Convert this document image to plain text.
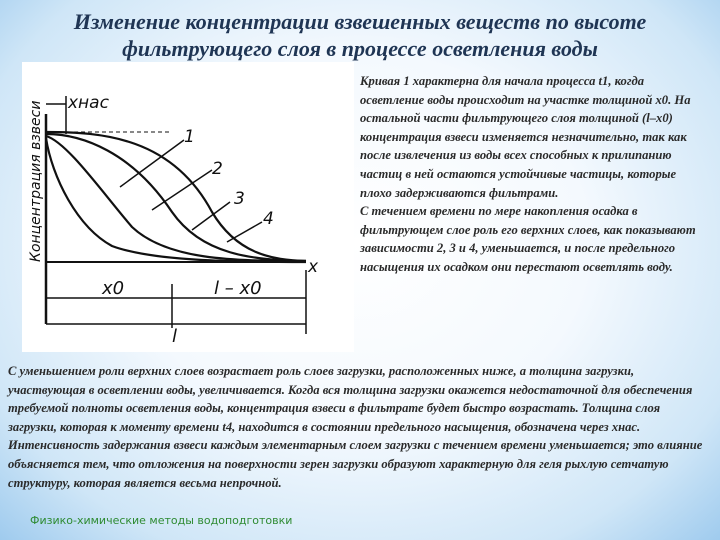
Изменение концентрации взвешенных веществ по высоте
фильтрующего слоя в процессе осветления воды
xнас
1
2
3
4
Концентрация взвеси
x
x0	l – x0
l

Кривая 1 характерна для начала процесса t1, когда осветление воды происходит на участке толщиной x0. На остальной части фильтрующего слоя толщиной (l–x0) концентрация взвеси изменяется незначительно, так как после извлечения из воды всех способных к прилипанию частиц в ней остаются устойчивые частицы, которые плохо задерживаются фильтрами.

С течением времени по мере накопления осадка в фильтрующем слое роль его верхних слоев, как показывают зависимости 2, 3 и 4, уменьшается, и после предельного насыщения их осадком они перестают осветлять воду.

С уменьшением роли верхних слоев возрастает роль слоев загрузки, расположенных ниже, а толщина загрузки, участвующая в осветлении воды, увеличивается. Когда вся толщина загрузки окажется недостаточной для обеспечения требуемой полноты осветления воды, концентрация взвеси в фильтрате будет быстро возрастать. Толщина слоя загрузки, которая к моменту времени t4, находится в состоянии предельного насыщения, обозначена через xнас. Интенсивность задержания взвеси каждым элементарным слоем загрузки с течением времени уменьшается; это влияние объясняется тем, что отложения на поверхности зерен загрузки образуют характерную для геля рыхлую сетчатую структуру, которая является весьма непрочной.

Физико-химические методы водоподготовки
